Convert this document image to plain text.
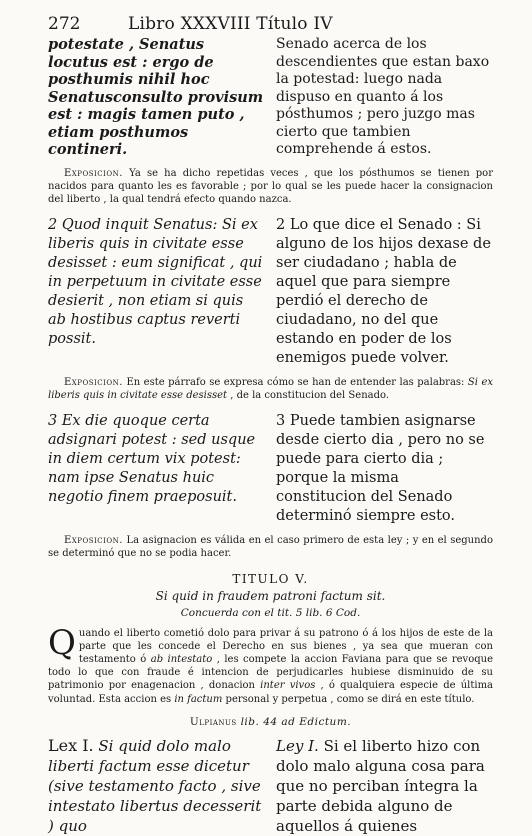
272	Libro XXXVIII Título IV
potestate , Senatus locutus est : ergo de posthumis nihil hoc Senatusconsulto provisum est : magis tamen puto , etiam posthumos contineri.
Senado acerca de los descendientes que estan baxo la potestad: luego nada dispuso en quanto á los pósthumos ; pero juzgo mas cierto que tambien comprehende á estos.
Exposicion. Ya se ha dicho repetidas veces , que los pósthumos se tienen por nacidos para quanto les es favorable ; por lo qual se les puede hacer la consignacion del liberto , la qual tendrá efecto quando nazca.
2 Quod inquit Senatus: Si ex liberis quis in civitate esse desisset : eum significat , qui in perpetuum in civitate esse desierit , non etiam si quis ab hostibus captus reverti possit.
2 Lo que dice el Senado : Si alguno de los hijos dexase de ser ciudadano ; habla de aquel que para siempre perdió el derecho de ciudadano, no del que estando en poder de los enemigos puede volver.
Exposicion. En este párrafo se expresa cómo se han de entender las palabras: Si ex liberis quis in civitate esse desisset , de la constitucion del Senado.
3 Ex die quoque certa adsignari potest : sed usque in diem certum vix potest: nam ipse Senatus huic negotio finem praeposuit.
3 Puede tambien asignarse desde cierto dia , pero no se puede para cierto dia ; porque la misma constitucion del Senado determinó siempre esto.
Exposicion. La asignacion es válida en el caso primero de esta ley ; y en el segundo se determinó que no se podia hacer.
TITULO V.
Si quid in fraudem patroni factum sit.
Concuerda con el tit. 5 lib. 6 Cod.
Q uando el liberto cometió dolo para privar á su patrono ó á los hijos de este de la parte que les concede el Derecho en sus bienes , ya sea que mueran con testamento ó ab intestato , les compete la accion Faviana para que se revoque todo lo que con fraude é intencion de perjudicarles hubiese disminuido de su patrimonio por enagenacion , donacion inter vivos , ó qualquiera especie de última voluntad. Esta accion es in factum personal y perpetua , como se dirá en este título.
Ulpianus lib. 44 ad Edictum.
Lex I. Si quid dolo malo liberti factum esse dicetur (sive testamento facto , sive intestato libertus decesserit ) quo
Ley I. Si el liberto hizo con dolo malo alguna cosa para que no perciban íntegra la parte debida alguno de aquellos á quienes
